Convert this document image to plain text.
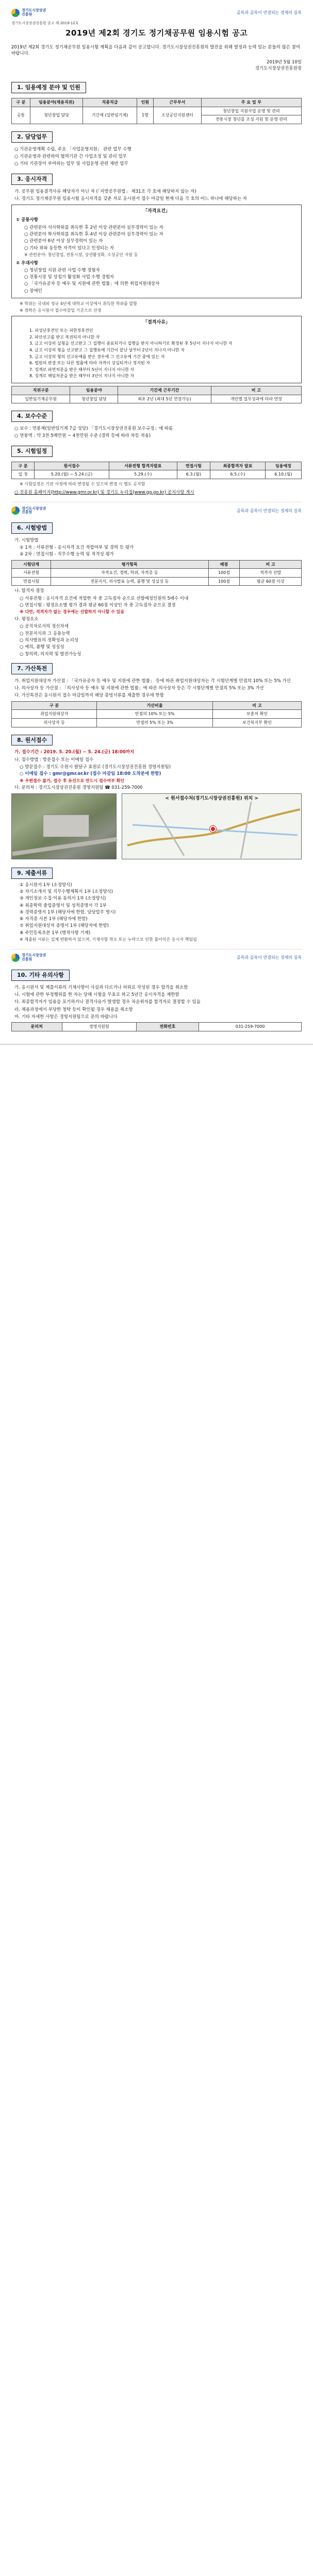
경기도시장상권
진흥원	골목과 골목이 연결되는 경제의 길목
경기도시장상권진흥원 공고 제 2019-12호
2019년 제2회 경기도 정기채공무원 임용시험 공고
2019년 제2회 경기도 정기채공무원 임용시험 계획을 다음과 같이 공고합니다. 경기도시장상권진흥원의 발전을 위해 열정과 능력 있는 분들의 많은 참여 바랍니다.
2019년 5월 10일
경기도시장상권진흥원장
1. 임용예정 분야 및 인원
구 분	임용분야(채용직위)	직종직급	인원	근무부서	주 요 업 무
공통	청년창업 담당	기간제 (일반임기제)	1명	소상공인지원센터	청년창업 지원사업 운영 및 관리
					전통시장 청년몰 조성 지원 및 운영 관리
2. 담당업무
○ 기관운영계획 수립, 주요 「사업운영지원」 관련 업무 수행
○ 기관운영과 관련하여 협력기관 간 사업조정 및 관리 업무
○ 기타 기관장이 부여하는 업무 및 사업운영 관련 제반 업무
3. 응시자격
가. 공무원 임용결격사유 해당자가 아닌 자 (「지방공무원법」 제31조 각 호에 해당하지 않는 자)
나. 경기도 정기채공무원 임용시험 응시자격을 갖춘 자로 응시원서 접수 마감일 현재 다음 각 호의 어느 하나에 해당하는 자
「자격요건」
① 공통사항
○ 관련분야 석사학위를 취득한 후 2년 이상 관련분야 실무경력이 있는 자
○ 관련분야 학사학위를 취득한 후 4년 이상 관련분야 실무경력이 있는 자
○ 관련분야 6년 이상 실무경력이 있는 자
○ 기타 위와 동등한 자격이 있다고 인정되는 자
※ 관련분야: 청년창업, 전통시장, 상권활성화, 소상공인 지원 등
② 우대사항
○ 청년창업 지원 관련 사업 수행 경험자
○ 전통시장 및 상점가 활성화 사업 수행 경험자
○ 「국가유공자 등 예우 및 지원에 관한 법률」에 의한 취업지원대상자
○ 장애인
※ 학위는 국내외 정규 4년제 대학교 이상에서 취득한 학위를 말함
※ 경력은 응시원서 접수마감일 기준으로 산정
「결격사유」
1. 피성년후견인 또는 피한정후견인
2. 파산선고를 받고 복권되지 아니한 자
3. 금고 이상의 실형을 선고받고 그 집행이 종료되거나 집행을 받지 아니하기로 확정된 후 5년이 지나지 아니한 자
4. 금고 이상의 형을 선고받고 그 집행유예 기간이 끝난 날부터 2년이 지나지 아니한 자
5. 금고 이상의 형의 선고유예를 받은 경우에 그 선고유예 기간 중에 있는 자
6. 법원의 판결 또는 다른 법률에 따라 자격이 상실되거나 정지된 자
7. 징계로 파면처분을 받은 때부터 5년이 지나지 아니한 자
8. 징계로 해임처분을 받은 때부터 3년이 지나지 아니한 자
직위구분	임용분야	기간제 근무기간	비 고
일반임기제공무원	청년창업 담당	최초 2년 (최대 5년 연장가능)	개인별 업무성과에 따라 연장
4. 보수수준
○ 보수 : 연봉제(일반임기제 7급 상당) 「경기도시장상권진흥원 보수규정」에 따름
○ 연봉액 : 약 3천 5백만원 ~ 4천만원 수준 (경력 등에 따라 차등 적용)
5. 시험일정
구 분	원서접수	서류전형 합격자발표	면접시험	최종합격자 발표	임용예정
일 정	5.20.(월) ~ 5.24.(금)	5.29.(수)	6.3.(월)	6.5.(수)	6.10.(월)
※ 시험일정은 기관 사정에 따라 변경될 수 있으며 변경 시 별도 공지함
○ 진흥원 홈페이지(http://www.gmr.or.kr) 및 경기도 누리집(www.gg.go.kr) 공지사항 게시
경기도시장상권
진흥원	골목과 골목이 연결되는 경제의 길목
6. 시험방법
가. 시험방법
① 1차 : 서류전형 - 응시자격 요건 적합여부 및 경력 등 평가
② 2차 : 면접시험 - 직무수행 능력 및 적격성 평가
시험단계	평가항목	배점	비 고
서류전형	자격요건, 경력, 학위, 자격증 등	100점	적격자 선발
면접시험	전문지식, 의사발표 능력, 품행 및 성실성 등	100점	평균 60점 이상
나. 합격자 결정
○ 서류전형 : 응시자격 요건에 적합한 자 중 고득점자 순으로 선발예정인원의 5배수 이내
○ 면접시험 : 평정요소별 평가 결과 평균 60점 이상인 자 중 고득점자 순으로 결정
※ 다만, 적격자가 없는 경우에는 선발하지 아니할 수 있음
다. 평정요소
○ 공직자로서의 정신자세
○ 전문지식과 그 응용능력
○ 의사발표의 정확성과 논리성
○ 예의, 품행 및 성실성
○ 창의력, 의지력 및 발전가능성
7. 가산특전
가. 취업지원대상자 가산점 : 「국가유공자 등 예우 및 지원에 관한 법률」 등에 따른 취업지원대상자는 각 시험단계별 만점의 10% 또는 5% 가산
나. 의사상자 등 가산점 : 「의사상자 등 예우 및 지원에 관한 법률」에 따른 의사상자 등은 각 시험단계별 만점의 5% 또는 3% 가산
다. 가산특전은 응시원서 접수 마감일까지 해당 증빙서류를 제출한 경우에 한함
구 분	가산비율	비 고
취업지원대상자	만점의 10% 또는 5%	보훈처 확인
의사상자 등	만점의 5% 또는 3%	보건복지부 확인
8. 원서접수
가. 접수기간 : 2019. 5. 20.(월) ~ 5. 24.(금) 18:00까지
나. 접수방법 : 방문접수 또는 이메일 접수
○ 방문접수 : 경기도 수원시 팔달구 효원로 (경기도시장상권진흥원 경영지원팀)
○ 이메일 접수 : gmr@gmr.or.kr (접수 마감일 18:00 도착분에 한함)
※ 우편접수 불가, 접수 후 유선으로 반드시 접수여부 확인
다. 문의처 : 경기도시장상권진흥원 경영지원팀 ☎ 031-259-7000
< 원서접수처(경기도시장상권진흥원) 위치 >
9. 제출서류
① 응시원서 1부 (소정양식)
② 자기소개서 및 직무수행계획서 1부 (소정양식)
③ 개인정보 수집·이용 동의서 1부 (소정양식)
④ 최종학력 졸업증명서 및 성적증명서 각 1부
⑤ 경력증명서 1부 (해당자에 한함, 담당업무 명시)
⑥ 자격증 사본 1부 (해당자에 한함)
⑦ 취업지원대상자 증명서 1부 (해당자에 한함)
⑧ 주민등록초본 1부 (병적사항 기재)
※ 제출된 서류는 일체 반환하지 않으며, 기재사항 착오 또는 누락으로 인한 불이익은 응시자 책임임
경기도시장상권
진흥원	골목과 골목이 연결되는 경제의 길목
10. 기타 유의사항
가. 응시원서 및 제출서류의 기재사항이 사실과 다르거나 허위로 작성된 경우 합격을 취소함
나. 시험에 관한 부정행위를 한 자는 당해 시험을 무효로 하고 5년간 응시자격을 제한함
다. 최종합격자가 임용을 포기하거나 결격사유가 발생할 경우 차순위자를 합격자로 결정할 수 있음
라. 채용과정에서 부당한 청탁 등이 확인될 경우 채용을 취소함
마. 기타 자세한 사항은 경영지원팀으로 문의 바랍니다
문의처	경영지원팀	전화번호	031-259-7000
